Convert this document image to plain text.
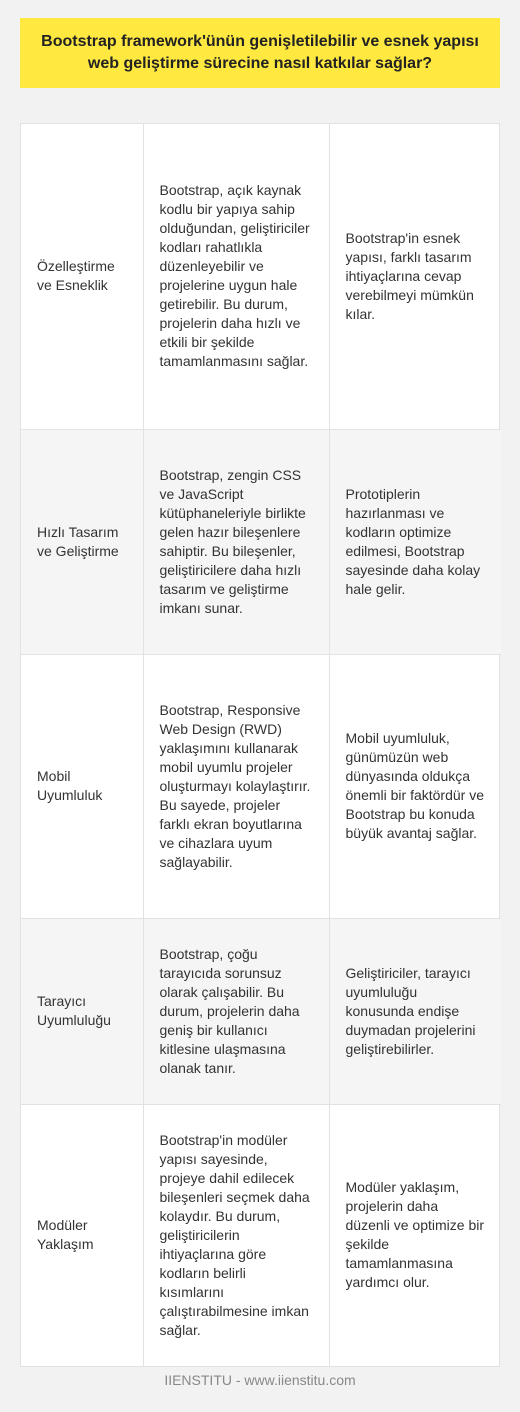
Bootstrap framework'ünün genişletilebilir ve esnek yapısı web geliştirme sürecine nasıl katkılar sağlar?
Özelleştirme ve Esneklik	Bootstrap, açık kaynak kodlu bir yapıya sahip olduğundan, geliştiriciler kodları rahatlıkla düzenleyebilir ve projelerine uygun hale getirebilir. Bu durum, projelerin daha hızlı ve etkili bir şekilde tamamlanmasını sağlar.	Bootstrap'in esnek yapısı, farklı tasarım ihtiyaçlarına cevap verebilmeyi mümkün kılar.
Hızlı Tasarım ve Geliştirme	Bootstrap, zengin CSS ve JavaScript kütüphaneleriyle birlikte gelen hazır bileşenlere sahiptir. Bu bileşenler, geliştiricilere daha hızlı tasarım ve geliştirme imkanı sunar.	Prototiplerin hazırlanması ve kodların optimize edilmesi, Bootstrap sayesinde daha kolay hale gelir.
Mobil Uyumluluk	Bootstrap, Responsive Web Design (RWD) yaklaşımını kullanarak mobil uyumlu projeler oluşturmayı kolaylaştırır. Bu sayede, projeler farklı ekran boyutlarına ve cihazlara uyum sağlayabilir.	Mobil uyumluluk, günümüzün web dünyasında oldukça önemli bir faktördür ve Bootstrap bu konuda büyük avantaj sağlar.
Tarayıcı Uyumluluğu	Bootstrap, çoğu tarayıcıda sorunsuz olarak çalışabilir. Bu durum, projelerin daha geniş bir kullanıcı kitlesine ulaşmasına olanak tanır.	Geliştiriciler, tarayıcı uyumluluğu konusunda endişe duymadan projelerini geliştirebilirler.
Modüler Yaklaşım	Bootstrap'in modüler yapısı sayesinde, projeye dahil edilecek bileşenleri seçmek daha kolaydır. Bu durum, geliştiricilerin ihtiyaçlarına göre kodların belirli kısımlarını çalıştırabilmesine imkan sağlar.	Modüler yaklaşım, projelerin daha düzenli ve optimize bir şekilde tamamlanmasına yardımcı olur.
IIENSTITU - www.iienstitu.com
